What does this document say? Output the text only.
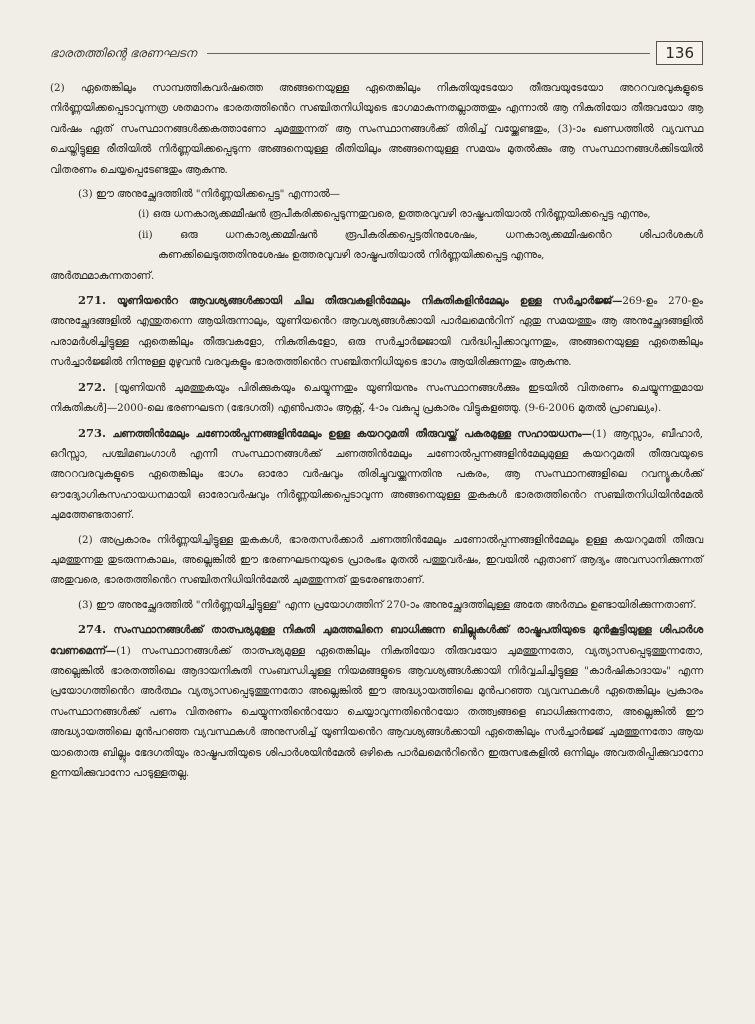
ഭാരതത്തിന്റെ ഭരണഘടന	136

(2) ഏതെങ്കിലും സാമ്പത്തികവർഷത്തെ അങ്ങനെയുള്ള ഏതെങ്കിലും നികുതിയുടേയോ തീരുവയുടേയോ അററവരവുകളുടെ നിർണ്ണയിക്കപ്പെടാവുന്നത്ര ശതമാനം ഭാരതത്തിൻെറ സഞ്ചിതനിധിയുടെ ഭാഗമാകുന്നതല്ലാത്തതും എന്നാൽ ആ നികുതിയോ തീരുവയോ ആ വർഷം ഏത് സംസ്ഥാനങ്ങൾക്കകത്താണോ ചുമത്തുന്നത് ആ സംസ്ഥാനങ്ങൾക്ക് തിരിച്ച് വയ്ക്കേണ്ടതും, (3)-ാം ഖണ്ഡത്തിൽ വ്യവസ്ഥ ചെയ്തിട്ടുള്ള രീതിയിൽ നിർണ്ണയിക്കപ്പെടുന്ന അങ്ങനെയുള്ള രീതിയിലും അങ്ങനെയുള്ള സമയം മുതൽക്കും ആ സംസ്ഥാനങ്ങൾക്കിടയിൽ വിതരണം ചെയ്യപ്പെടേണ്ടതും ആകുന്നു.

(3) ഈ അനുച്ഛേദത്തിൽ "നിർണ്ണയിക്കപ്പെട്ട" എന്നാൽ—

(i) ഒരു ധനകാര്യക്കമ്മീഷൻ രൂപീകരിക്കപ്പെടുന്നതുവരെ, ഉത്തരവുവഴി രാഷ്ട്രപതിയാൽ നിർണ്ണയിക്കപ്പെട്ട എന്നും,

(ii) ഒരു ധനകാര്യക്കമ്മീഷൻ രൂപീകരിക്കപ്പെട്ടതിനുശേഷം, ധനകാര്യക്കമ്മീഷൻെറ ശിപാർശകൾ കണക്കിലെടുത്തതിനുശേഷം ഉത്തരവുവഴി രാഷ്ട്രപതിയാൽ നിർണ്ണയിക്കപ്പെട്ട എന്നും,

അർത്ഥമാകുന്നതാണ്.

271. യൂണിയൻെറ ആവശ്യങ്ങൾക്കായി ചില തീരുവകളിൻമേലും നികുതികളിൻമേലും ഉള്ള സർച്ചാർജ്ജ്—269-ഉം 270-ഉം അനുച്ഛേദങ്ങളിൽ എന്തുതന്നെ ആയിരുന്നാലും, യൂണിയൻെറ ആവശ്യങ്ങൾക്കായി പാർലമെൻറിന് ഏതു സമയത്തും ആ അനുച്ഛേദങ്ങളിൽ പരാമർശിച്ചിട്ടുള്ള ഏതെങ്കിലും തീരുവകളോ, നികുതികളോ, ഒരു സർച്ചാർജ്ജായി വർദ്ധിപ്പിക്കാവുന്നതും, അങ്ങനെയുള്ള ഏതെങ്കിലും സർച്ചാർജ്ജിൽ നിന്നുള്ള മുഴുവൻ വരവുകളും ഭാരതത്തിൻെറ സഞ്ചിതനിധിയുടെ ഭാഗം ആയിരിക്കുന്നതും ആകുന്നു.

272. [യൂണിയൻ ചുമത്തുകയും പിരിക്കുകയും ചെയ്യുന്നതും യൂണിയനും സംസ്ഥാനങ്ങൾക്കും ഇടയിൽ വിതരണം ചെയ്യുന്നതുമായ നികുതികൾ]—2000-ലെ ഭരണഘടന (ഭേദഗതി) എൺപതാം ആക്റ്റ്, 4-ാം വകുപ്പു പ്രകാരം വിട്ടുകളഞ്ഞു. (9-6-2006 മുതൽ പ്രാബല്യം).

273. ചണത്തിൻമേലും ചണോൽപ്പന്നങ്ങളിൻമേലും ഉള്ള കയററുമതി തീരുവയ്ക്ക് പകരമുള്ള സഹായധനം—(1) ആസ്സാം, ബീഹാർ, ഒറീസ്സാ, പശ്ചിമബംഗാൾ എന്നീ സംസ്ഥാനങ്ങൾക്ക് ചണത്തിൻമേലും ചണോൽപ്പന്നങ്ങളിൻമേലുമുള്ള കയററുമതി തീരുവയുടെ അററവരവുകളുടെ ഏതെങ്കിലും ഭാഗം ഓരോ വർഷവും തിരിച്ചുവയ്ക്കുന്നതിനു പകരം, ആ സംസ്ഥാനങ്ങളിലെ റവന്യൂകൾക്ക് ഔദ്യോഗികസഹായധനമായി ഓരോവർഷവും നിർണ്ണയിക്കപ്പെടാവുന്ന അങ്ങനെയുള്ള തുകകൾ ഭാരതത്തിൻെറ സഞ്ചിതനിധിയിൻമേൽ ചുമത്തേണ്ടതാണ്.

(2) അപ്രകാരം നിർണ്ണയിച്ചിട്ടുള്ള തുകകൾ, ഭാരതസർക്കാർ ചണത്തിൻമേലും ചണോൽപ്പന്നങ്ങളിൻമേലും ഉള്ള കയററുമതി തീരുവ ചുമത്തുന്നതു തുടരുന്നകാലം, അല്ലെങ്കിൽ ഈ ഭരണഘടനയുടെ പ്രാരംഭം മുതൽ പത്തുവർഷം, ഇവയിൽ ഏതാണ് ആദ്യം അവസാനിക്കുന്നത് അതുവരെ, ഭാരതത്തിൻെറ സഞ്ചിതനിധിയിൻമേൽ ചുമത്തുന്നത് തുടരേണ്ടതാണ്.

(3) ഈ അനുച്ഛേദത്തിൽ "നിർണ്ണയിച്ചിട്ടുള്ള" എന്ന പ്രയോഗത്തിന് 270-ാം അനുച്ഛേദത്തിലുള്ള അതേ അർത്ഥം ഉണ്ടായിരിക്കുന്നതാണ്.

274. സംസ്ഥാനങ്ങൾക്ക് താത്പര്യമുള്ള നികുതി ചുമത്തലിനെ ബാധിക്കുന്ന ബില്ലുകൾക്ക് രാഷ്ട്രപതിയുടെ മുൻകൂട്ടിയുള്ള ശിപാർശ വേണമെന്ന്—(1) സംസ്ഥാനങ്ങൾക്ക് താത്പര്യമുള്ള ഏതെങ്കിലും നികുതിയോ തീരുവയോ ചുമത്തുന്നതോ, വ്യത്യാസപ്പെടുത്തുന്നതോ, അല്ലെങ്കിൽ ഭാരതത്തിലെ ആദായനികുതി സംബന്ധിച്ചുള്ള നിയമങ്ങളുടെ ആവശ്യങ്ങൾക്കായി നിർവ്വചിച്ചിട്ടുള്ള "കാർഷികാദായം" എന്ന പ്രയോഗത്തിൻെറ അർത്ഥം വ്യത്യാസപ്പെടുത്തുന്നതോ അല്ലെങ്കിൽ ഈ അദ്ധ്യായത്തിലെ മുൻപറഞ്ഞ വ്യവസ്ഥകൾ ഏതെങ്കിലും പ്രകാരം സംസ്ഥാനങ്ങൾക്ക് പണം വിതരണം ചെയ്യുന്നതിൻെറയോ ചെയ്യാവുന്നതിൻെറയോ തത്ത്വങ്ങളെ ബാധിക്കുന്നതോ, അല്ലെങ്കിൽ ഈ അദ്ധ്യായത്തിലെ മുൻപറഞ്ഞ വ്യവസ്ഥകൾ അനുസരിച്ച് യൂണിയൻെറ ആവശ്യങ്ങൾക്കായി ഏതെങ്കിലും സർച്ചാർജ്ജ് ചുമത്തുന്നതോ ആയ യാതൊരു ബില്ലും ഭേദഗതിയും രാഷ്ട്രപതിയുടെ ശിപാർശയിൻമേൽ ഒഴികെ പാർലമെൻറിൻെറ ഇരുസഭകളിൽ ഒന്നിലും അവതരിപ്പിക്കുവാനോ ഉന്നയിക്കുവാനോ പാടുള്ളതല്ല.
